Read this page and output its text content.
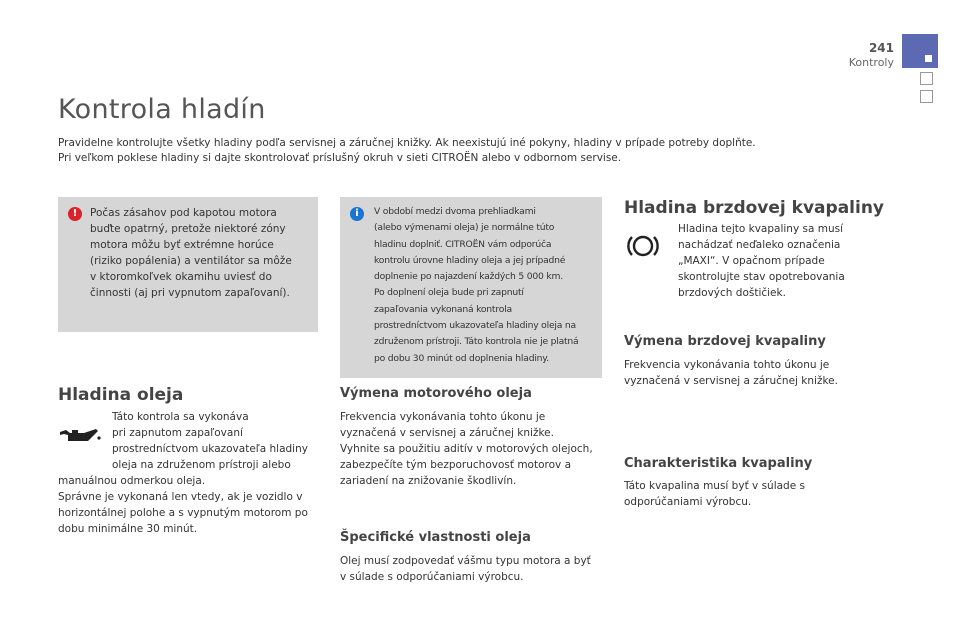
241
Kontroly
Kontrola hladín
Pravidelne kontrolujte všetky hladiny podľa servisnej a záručnej knižky. Ak neexistujú iné pokyny, hladiny v prípade potreby doplňte.
Pri veľkom poklese hladiny si dajte skontrolovať príslušný okruh v sieti CITROËN alebo v odbornom servise.
!	Počas zásahov pod kapotou motora
buďte opatrný, pretože niektoré zóny
motora môžu byť extrémne horúce
(riziko popálenia) a ventilátor sa môže
v ktoromkoľvek okamihu uviesť do
činnosti (aj pri vypnutom zapaľovaní).
i	V období medzi dvoma prehliadkami
(alebo výmenami oleja) je normálne túto
hladinu doplniť. CITROËN vám odporúča
kontrolu úrovne hladiny oleja a jej prípadné
doplnenie po najazdení každých 5 000 km.
Po doplnení oleja bude pri zapnutí
zapaľovania vykonaná kontrola
prostredníctvom ukazovateľa hladiny oleja na
združenom prístroji. Táto kontrola nie je platná
po dobu 30 minút od doplnenia hladiny.
Hladina oleja
Táto kontrola sa vykonáva
pri zapnutom zapaľovaní
prostredníctvom ukazovateľa hladiny
oleja na združenom prístroji alebo
manuálnou odmerkou oleja.
Správne je vykonaná len vtedy, ak je vozidlo v
horizontálnej polohe a s vypnutým motorom po
dobu minimálne 30 minút.
Výmena motorového oleja
Frekvencia vykonávania tohto úkonu je
vyznačená v servisnej a záručnej knižke.
Vyhnite sa použitiu aditív v motorových olejoch,
zabezpečíte tým bezporuchovosť motorov a
zariadení na znižovanie škodlivín.
Špecifické vlastnosti oleja
Olej musí zodpovedať vášmu typu motora a byť
v súlade s odporúčaniami výrobcu.
Hladina brzdovej kvapaliny
Hladina tejto kvapaliny sa musí
nachádzať neďaleko označenia
„MAXI“. V opačnom prípade
skontrolujte stav opotrebovania
brzdových doštičiek.
Výmena brzdovej kvapaliny
Frekvencia vykonávania tohto úkonu je
vyznačená v servisnej a záručnej knižke.
Charakteristika kvapaliny
Táto kvapalina musí byť v súlade s
odporúčaniami výrobcu.
